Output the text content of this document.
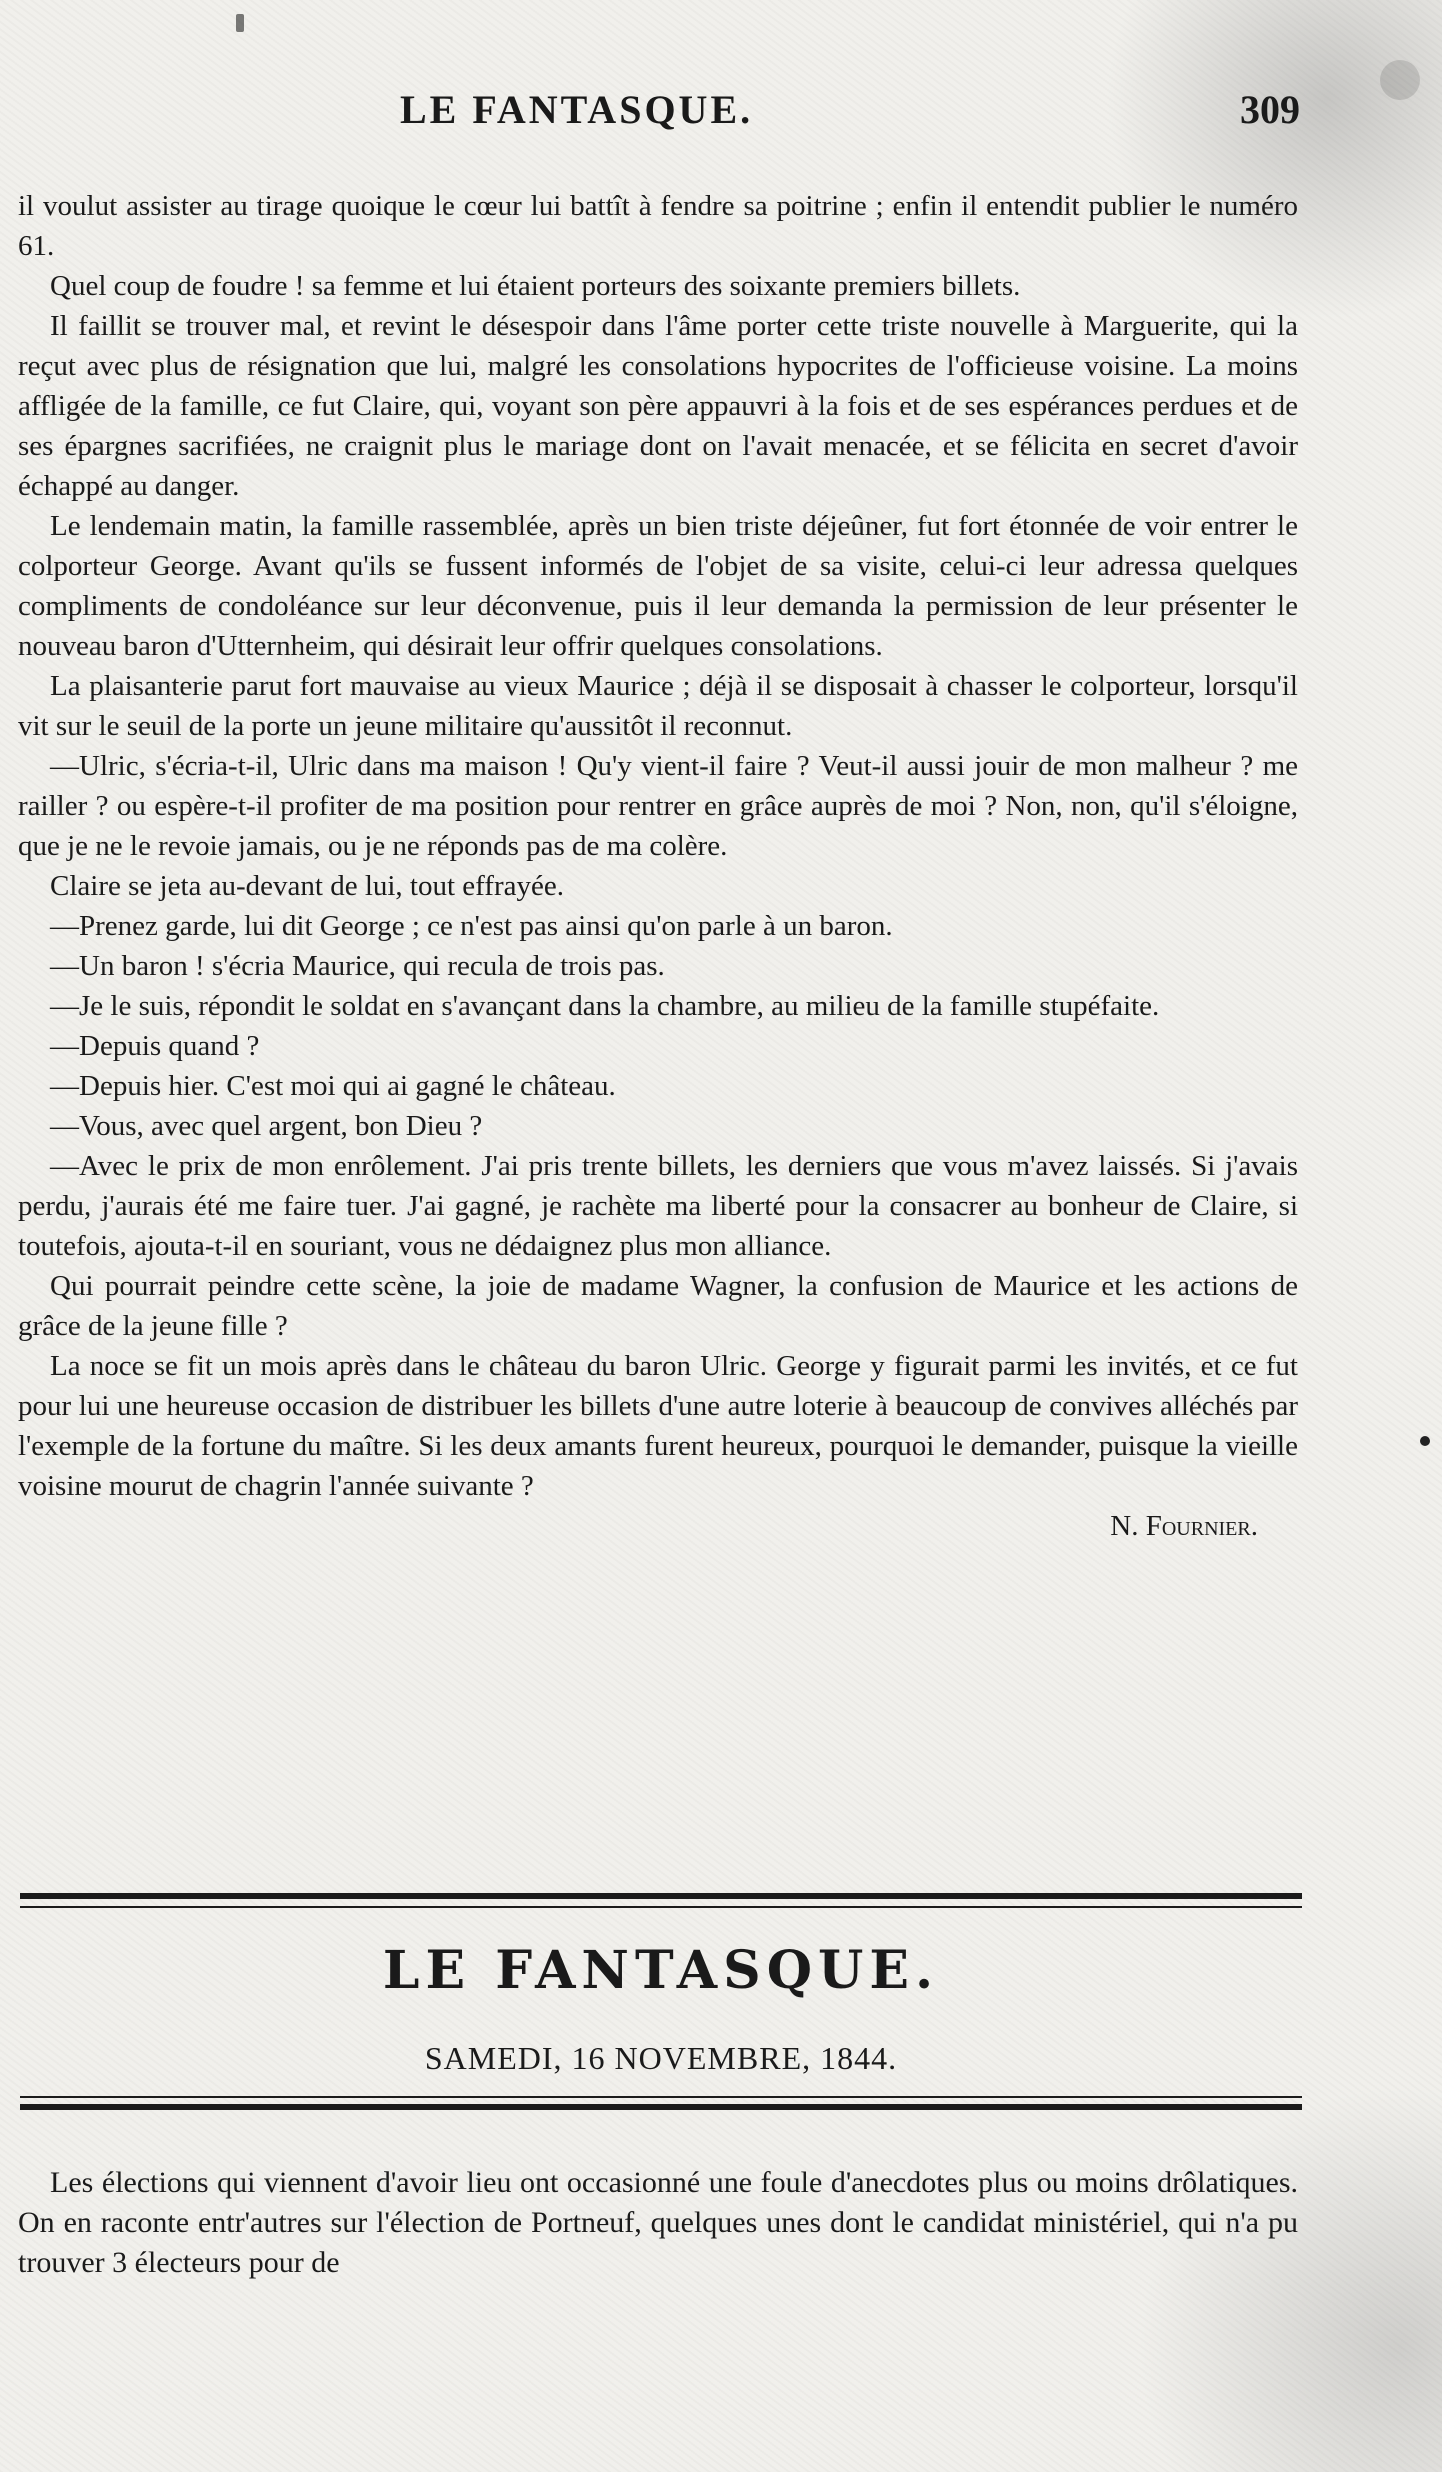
LE FANTASQUE.	309

il voulut assister au tirage quoique le cœur lui battît à fendre sa poitrine ; enfin il entendit publier le numéro 61.

Quel coup de foudre ! sa femme et lui étaient porteurs des soixante premiers billets.

Il faillit se trouver mal, et revint le désespoir dans l'âme porter cette triste nouvelle à Marguerite, qui la reçut avec plus de résignation que lui, malgré les consolations hypocrites de l'officieuse voisine. La moins affligée de la famille, ce fut Claire, qui, voyant son père appauvri à la fois et de ses espérances perdues et de ses épargnes sacrifiées, ne craignit plus le mariage dont on l'avait menacée, et se félicita en secret d'avoir échappé au danger.

Le lendemain matin, la famille rassemblée, après un bien triste déjeûner, fut fort étonnée de voir entrer le colporteur George. Avant qu'ils se fussent informés de l'objet de sa visite, celui-ci leur adressa quelques compliments de condoléance sur leur déconvenue, puis il leur demanda la permission de leur présenter le nouveau baron d'Utternheim, qui désirait leur offrir quelques consolations.

La plaisanterie parut fort mauvaise au vieux Maurice ; déjà il se disposait à chasser le colporteur, lorsqu'il vit sur le seuil de la porte un jeune militaire qu'aussitôt il reconnut.

—Ulric, s'écria-t-il, Ulric dans ma maison ! Qu'y vient-il faire ? Veut-il aussi jouir de mon malheur ? me railler ? ou espère-t-il profiter de ma position pour rentrer en grâce auprès de moi ? Non, non, qu'il s'éloigne, que je ne le revoie jamais, ou je ne réponds pas de ma colère.

Claire se jeta au-devant de lui, tout effrayée.

—Prenez garde, lui dit George ; ce n'est pas ainsi qu'on parle à un baron.

—Un baron ! s'écria Maurice, qui recula de trois pas.

—Je le suis, répondit le soldat en s'avançant dans la chambre, au milieu de la famille stupéfaite.

—Depuis quand ?

—Depuis hier. C'est moi qui ai gagné le château.

—Vous, avec quel argent, bon Dieu ?

—Avec le prix de mon enrôlement. J'ai pris trente billets, les derniers que vous m'avez laissés. Si j'avais perdu, j'aurais été me faire tuer. J'ai gagné, je rachète ma liberté pour la consacrer au bonheur de Claire, si toutefois, ajouta-t-il en souriant, vous ne dédaignez plus mon alliance.

Qui pourrait peindre cette scène, la joie de madame Wagner, la confusion de Maurice et les actions de grâce de la jeune fille ?

La noce se fit un mois après dans le château du baron Ulric. George y figurait parmi les invités, et ce fut pour lui une heureuse occasion de distribuer les billets d'une autre loterie à beaucoup de convives alléchés par l'exemple de la fortune du maître. Si les deux amants furent heureux, pourquoi le demander, puisque la vieille voisine mourut de chagrin l'année suivante ?

N. Fournier.

LE FANTASQUE.
SAMEDI, 16 NOVEMBRE, 1844.

Les élections qui viennent d'avoir lieu ont occasionné une foule d'anecdotes plus ou moins drôlatiques. On en raconte entr'autres sur l'élection de Portneuf, quelques unes dont le candidat ministériel, qui n'a pu trouver 3 électeurs pour de
